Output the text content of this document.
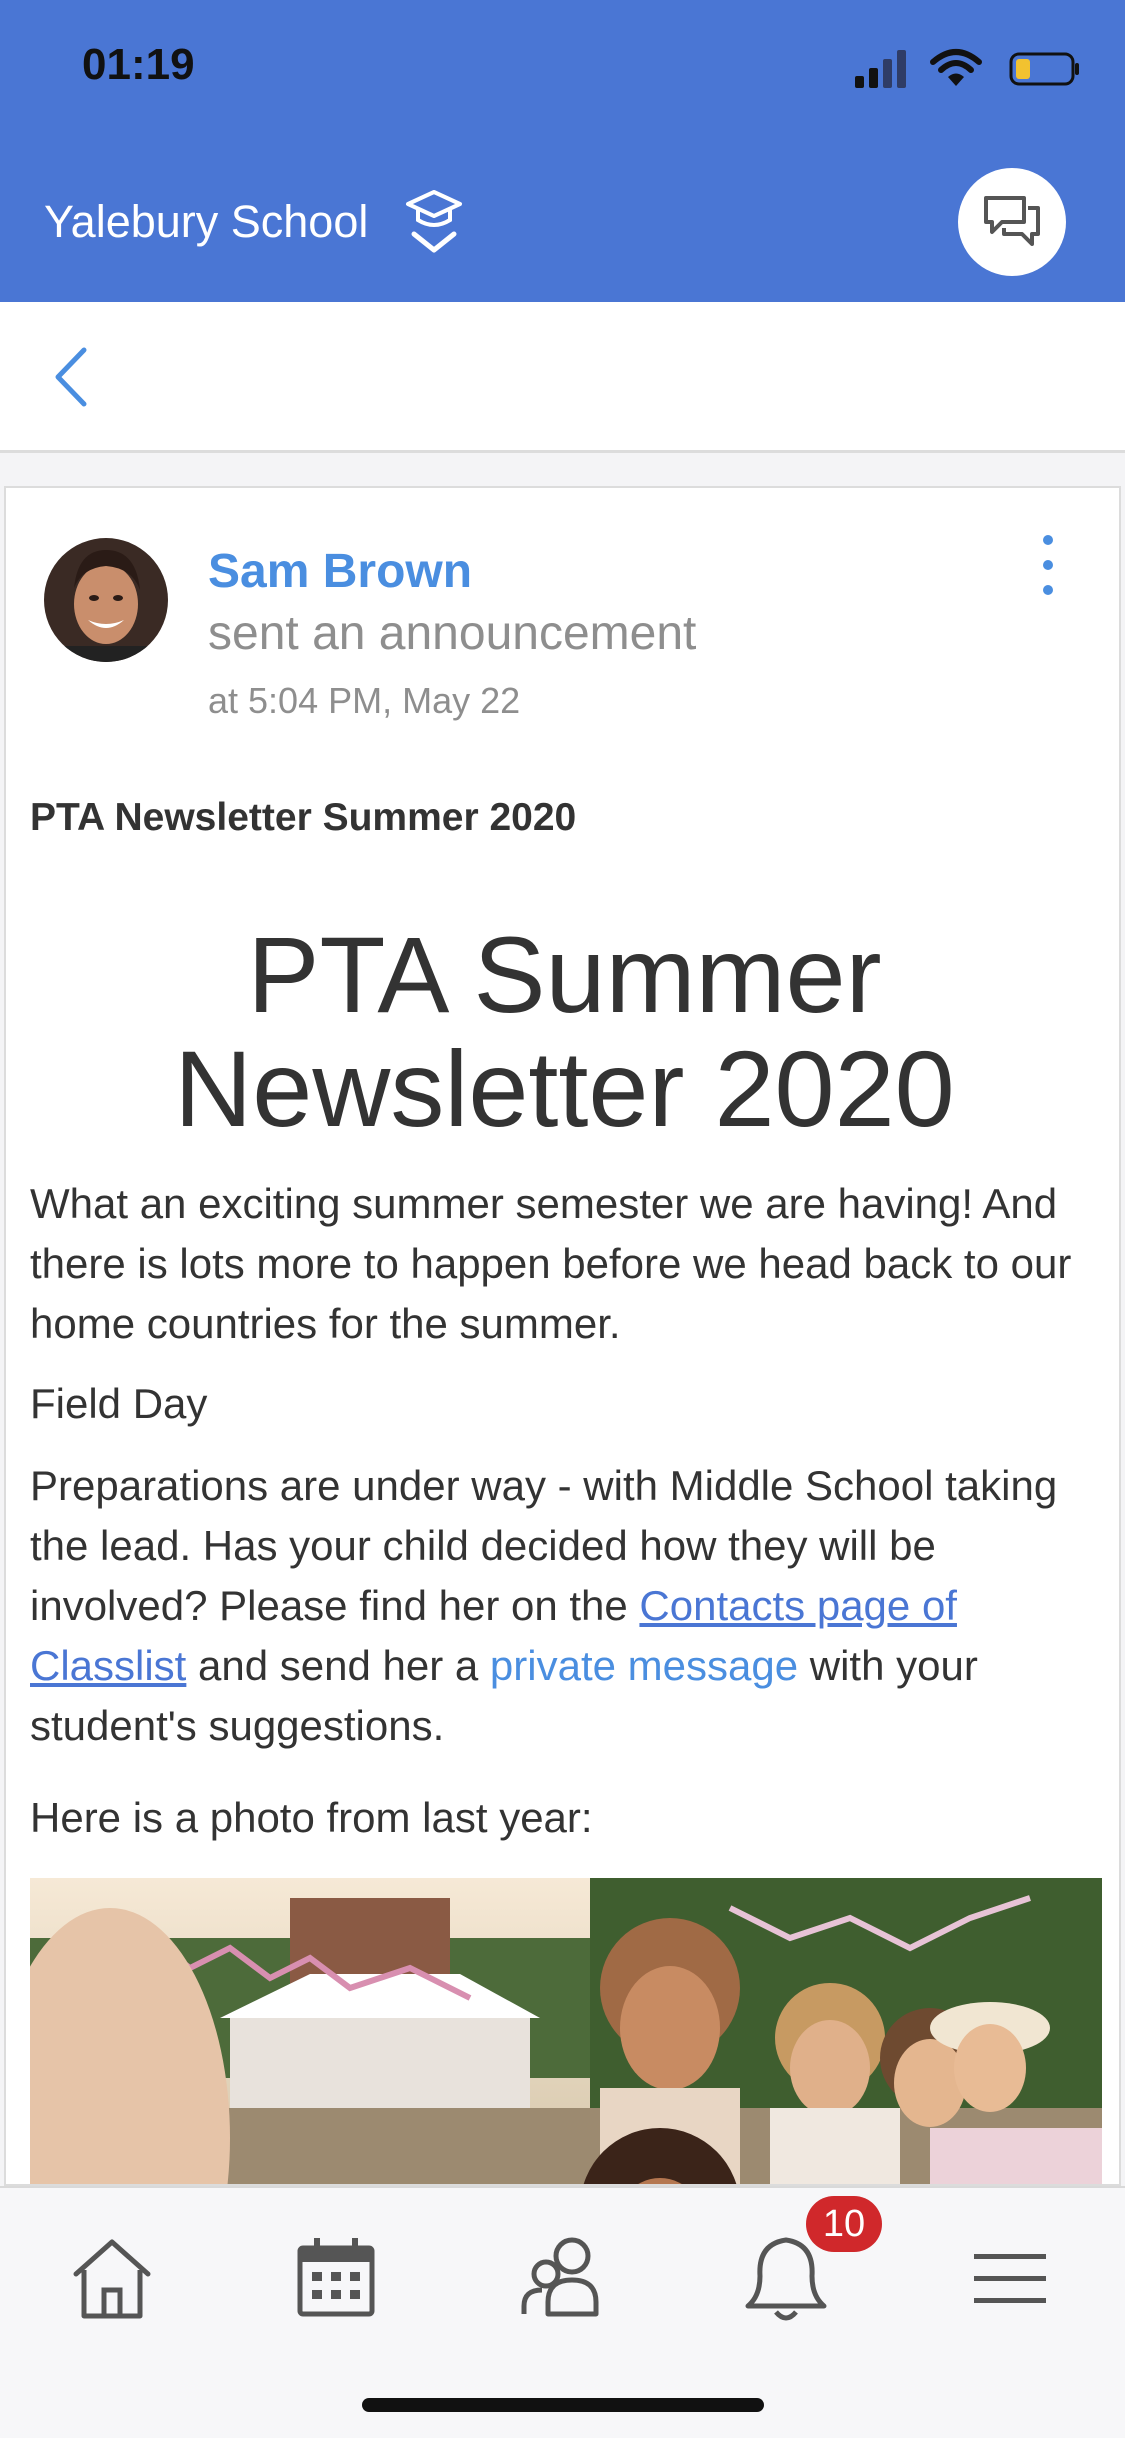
01:19
Yalebury School
Sam Brown
sent an announcement
at 5:04 PM, May 22
PTA Newsletter Summer 2020
PTA Summer
Newsletter 2020
What an exciting summer semester we are having! And there is lots more to happen before we head back to our home countries for the summer.
Field Day
Preparations are under way - with Middle School taking the lead. Has your child decided how they will be involved? Please find her on the Contacts page of Classlist and send her a private message with your student's suggestions.
Here is a photo from last year:
10
